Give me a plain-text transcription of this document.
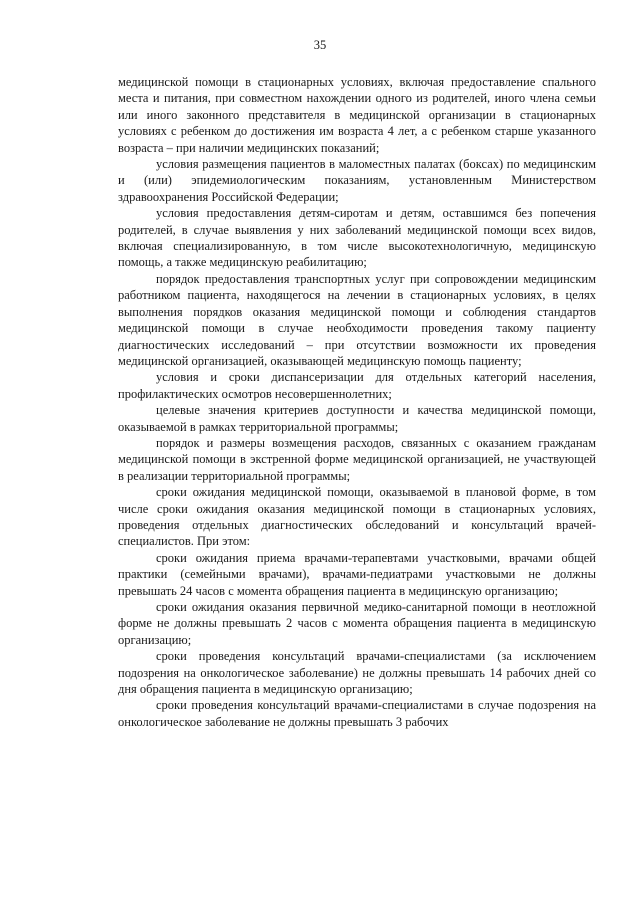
35

медицинской помощи в стационарных условиях, включая предоставление спального места и питания, при совместном нахождении одного из родителей, иного члена семьи или иного законного представителя в медицинской организации в стационарных условиях с ребенком до достижения им возраста 4 лет, а с ребенком старше указанного возраста – при наличии медицинских показаний;

условия размещения пациентов в маломестных палатах (боксах) по медицинским и (или) эпидемиологическим показаниям, установленным Министерством здравоохранения Российской Федерации;

условия предоставления детям-сиротам и детям, оставшимся без попечения родителей, в случае выявления у них заболеваний медицинской помощи всех видов, включая специализированную, в том числе высокотехнологичную, медицинскую помощь, а также медицинскую реабилитацию;

порядок предоставления транспортных услуг при сопровождении медицинским работником пациента, находящегося на лечении в стационарных условиях, в целях выполнения порядков оказания медицинской помощи и соблюдения стандартов медицинской помощи в случае необходимости проведения такому пациенту диагностических исследований – при отсутствии возможности их проведения медицинской организацией, оказывающей медицинскую помощь пациенту;

условия и сроки диспансеризации для отдельных категорий населения, профилактических осмотров несовершеннолетних;

целевые значения критериев доступности и качества медицинской помощи, оказываемой в рамках территориальной программы;

порядок и размеры возмещения расходов, связанных с оказанием гражданам медицинской помощи в экстренной форме медицинской организацией, не участвующей в реализации территориальной программы;

сроки ожидания медицинской помощи, оказываемой в плановой форме, в том числе сроки ожидания оказания медицинской помощи в стационарных условиях, проведения отдельных диагностических обследований и консультаций врачей-специалистов. При этом:

сроки ожидания приема врачами-терапевтами участковыми, врачами общей практики (семейными врачами), врачами-педиатрами участковыми не должны превышать 24 часов с момента обращения пациента в медицинскую организацию;

сроки ожидания оказания первичной медико-санитарной помощи в неотложной форме не должны превышать 2 часов с момента обращения пациента в медицинскую организацию;

сроки проведения консультаций врачами-специалистами (за исключением подозрения на онкологическое заболевание) не должны превышать 14 рабочих дней со дня обращения пациента в медицинскую организацию;

сроки проведения консультаций врачами-специалистами в случае подозрения на онкологическое заболевание не должны превышать 3 рабочих
